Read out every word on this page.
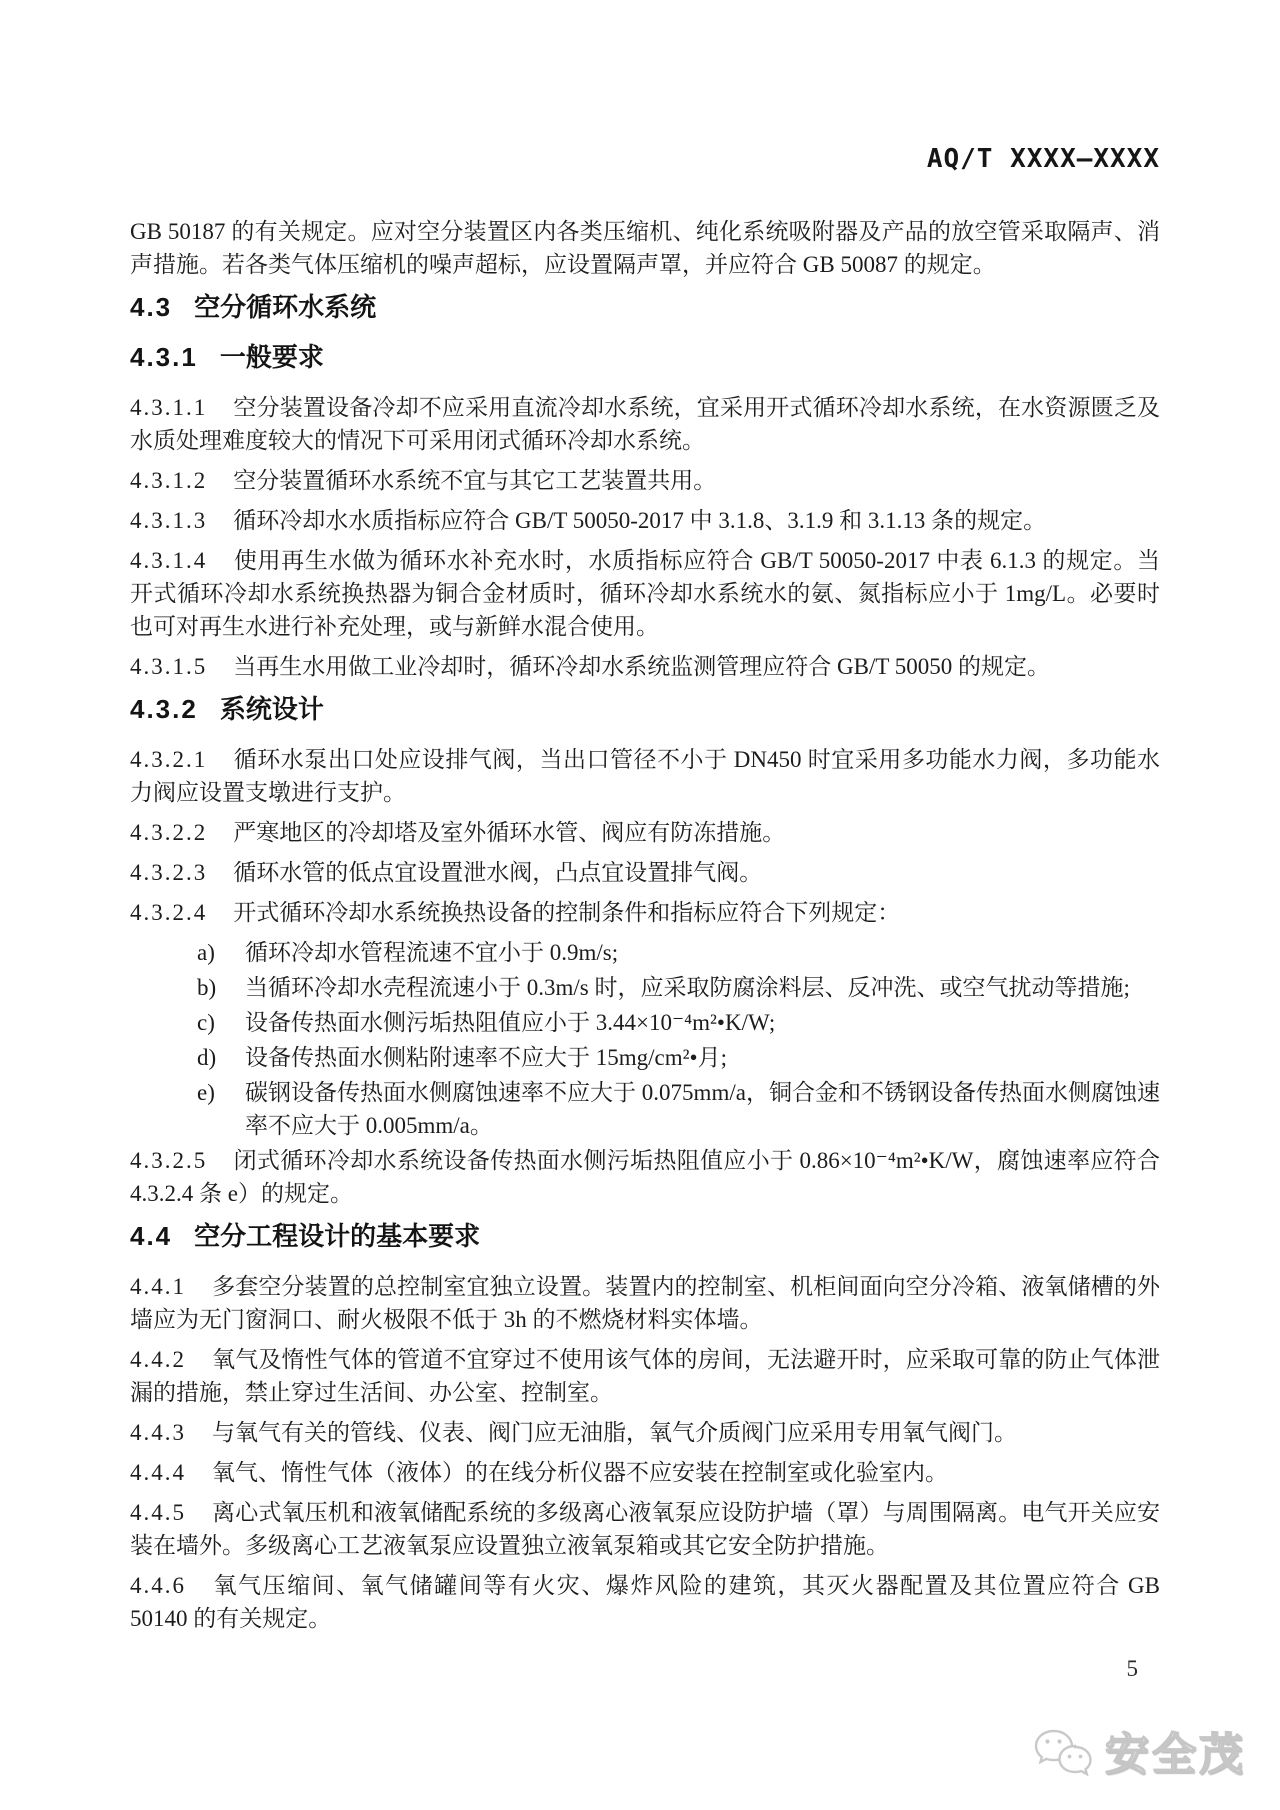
AQ/T XXXX—XXXX

GB 50187 的有关规定。应对空分装置区内各类压缩机、纯化系统吸附器及产品的放空管采取隔声、消声措施。若各类气体压缩机的噪声超标，应设置隔声罩，并应符合 GB 50087 的规定。

4.3 空分循环水系统
4.3.1 一般要求

4.3.1.1 空分装置设备冷却不应采用直流冷却水系统，宜采用开式循环冷却水系统，在水资源匮乏及水质处理难度较大的情况下可采用闭式循环冷却水系统。

4.3.1.2 空分装置循环水系统不宜与其它工艺装置共用。

4.3.1.3 循环冷却水水质指标应符合 GB/T 50050-2017 中 3.1.8、3.1.9 和 3.1.13 条的规定。

4.3.1.4 使用再生水做为循环水补充水时，水质指标应符合 GB/T 50050-2017 中表 6.1.3 的规定。当开式循环冷却水系统换热器为铜合金材质时，循环冷却水系统水的氨、氮指标应小于 1mg/L。必要时也可对再生水进行补充处理，或与新鲜水混合使用。

4.3.1.5 当再生水用做工业冷却时，循环冷却水系统监测管理应符合 GB/T 50050 的规定。

4.3.2 系统设计

4.3.2.1 循环水泵出口处应设排气阀，当出口管径不小于 DN450 时宜采用多功能水力阀，多功能水力阀应设置支墩进行支护。

4.3.2.2 严寒地区的冷却塔及室外循环水管、阀应有防冻措施。

4.3.2.3 循环水管的低点宜设置泄水阀，凸点宜设置排气阀。

4.3.2.4 开式循环冷却水系统换热设备的控制条件和指标应符合下列规定：

a) 循环冷却水管程流速不宜小于 0.9m/s;

b) 当循环冷却水壳程流速小于 0.3m/s 时，应采取防腐涂料层、反冲洗、或空气扰动等措施;

c) 设备传热面水侧污垢热阻值应小于 3.44×10⁻⁴m²•K/W;

d) 设备传热面水侧粘附速率不应大于 15mg/cm²•月;

e) 碳钢设备传热面水侧腐蚀速率不应大于 0.075mm/a，铜合金和不锈钢设备传热面水侧腐蚀速率不应大于 0.005mm/a。

4.3.2.5 闭式循环冷却水系统设备传热面水侧污垢热阻值应小于 0.86×10⁻⁴m²•K/W，腐蚀速率应符合 4.3.2.4 条 e）的规定。

4.4 空分工程设计的基本要求

4.4.1 多套空分装置的总控制室宜独立设置。装置内的控制室、机柜间面向空分冷箱、液氧储槽的外墙应为无门窗洞口、耐火极限不低于 3h 的不燃烧材料实体墙。

4.4.2 氧气及惰性气体的管道不宜穿过不使用该气体的房间，无法避开时，应采取可靠的防止气体泄漏的措施，禁止穿过生活间、办公室、控制室。

4.4.3 与氧气有关的管线、仪表、阀门应无油脂，氧气介质阀门应采用专用氧气阀门。

4.4.4 氧气、惰性气体（液体）的在线分析仪器不应安装在控制室或化验室内。

4.4.5 离心式氧压机和液氧储配系统的多级离心液氧泵应设防护墙（罩）与周围隔离。电气开关应安装在墙外。多级离心工艺液氧泵应设置独立液氧泵箱或其它安全防护措施。

4.4.6 氧气压缩间、氧气储罐间等有火灾、爆炸风险的建筑，其灭火器配置及其位置应符合 GB 50140 的有关规定。

5
安全茂
